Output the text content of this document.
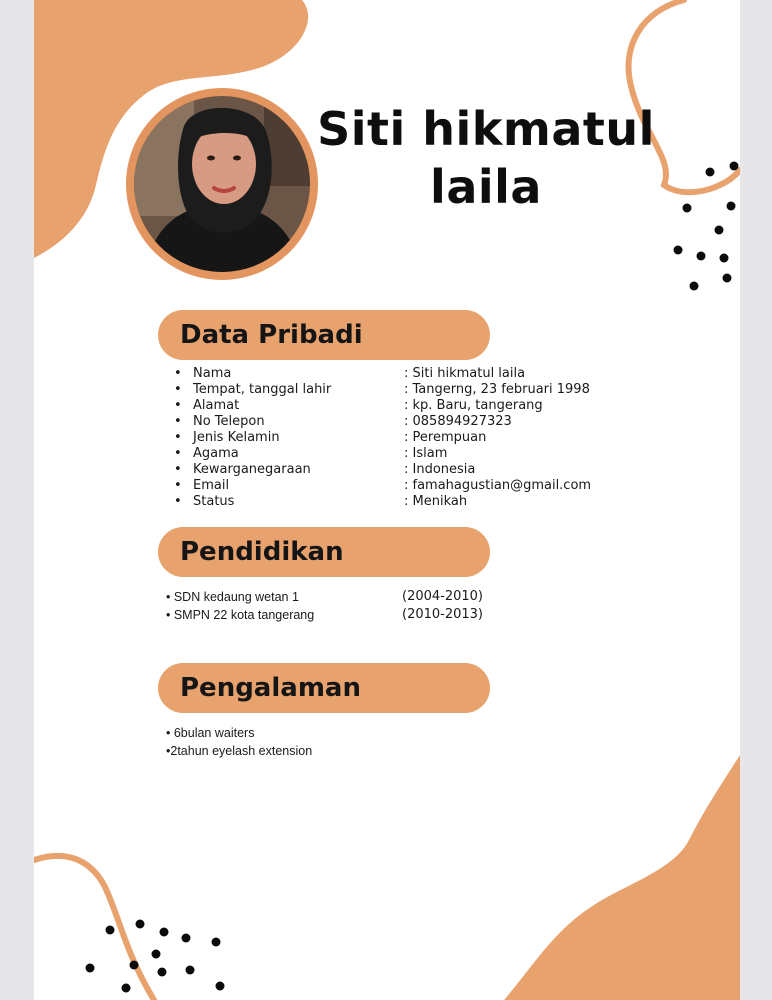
Siti hikmatul
laila
Data Pribadi
• Nama	: Siti hikmatul laila
• Tempat, tanggal lahir	: Tangerng, 23 februari 1998
• Alamat	: kp. Baru, tangerang
• No Telepon	: 085894927323
• Jenis Kelamin	: Perempuan
• Agama	: Islam
• Kewarganegaraan	: Indonesia
• Email	: famahagustian@gmail.com
• Status	: Menikah
Pendidikan
• SDN kedaung wetan 1	(2004-2010)
• SMPN 22 kota tangerang	(2010-2013)
Pengalaman
• 6bulan waiters
•2tahun eyelash extension
